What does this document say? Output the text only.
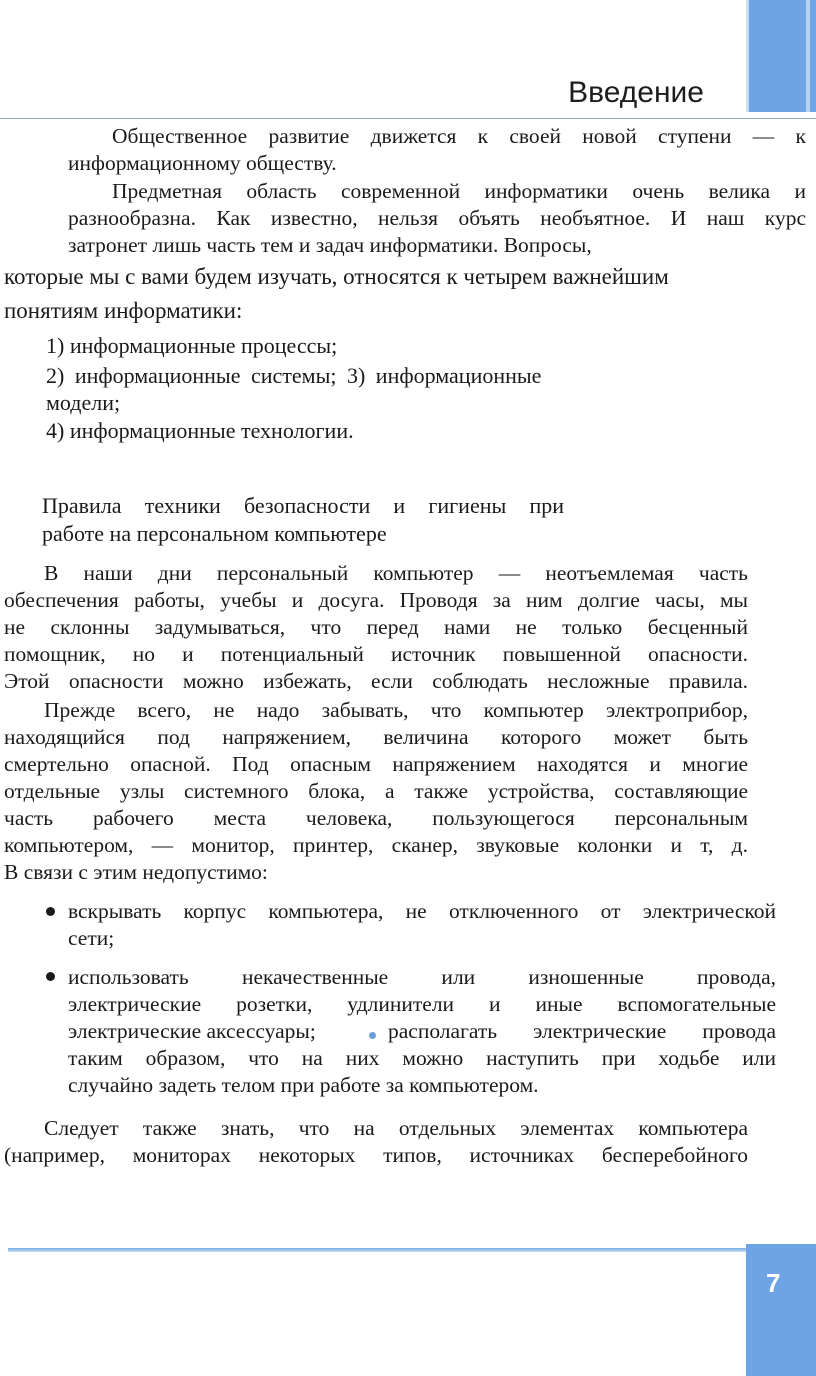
Введение
Общественное развитие движется к своей новой ступени — к
информационному обществу.
Предметная область современной информатики очень велика и
разнообразна. Как известно, нельзя объять необъятное. И наш курс
затронет лишь часть тем и задач информатики. Вопросы,
которые мы с вами будем изучать, относятся к четырем важнейшим
понятиям информатики:
1) информационные процессы;
2) информационные системы; 3) информационные
модели;
4) информационные технологии.
Правила техники безопасности и гигиены при
работе на персональном компьютере
В наши дни персональный компьютер — неотъемлемая часть
обеспечения работы, учебы и досуга. Проводя за ним долгие часы, мы
не склонны задумываться, что перед нами не только бесценный
помощник, но и потенциальный источник повышенной опасности.
Этой опасности можно избежать, если соблюдать несложные правила.
Прежде всего, не надо забывать, что компьютер электроприбор,
находящийся под напряжением, величина которого может быть
смертельно опасной. Под опасным напряжением находятся и многие
отдельные узлы системного блока, а также устройства, составляющие
часть рабочего места человека, пользующегося персональным
компьютером, — монитор, принтер, сканер, звуковые колонки и т, д.
В связи с этим недопустимо:
вскрывать корпус компьютера, не отключенного от электрической
сети;
использовать некачественные или изношенные провода,
электрические розетки, удлинители и иные вспомогательные
электрические аксессуары;	располагать электрические провода
таким образом, что на них можно наступить при ходьбе или
случайно задеть телом при работе за компьютером.
Следует также знать, что на отдельных элементах компьютера
(например, мониторах некоторых типов, источниках бесперебойного
7
